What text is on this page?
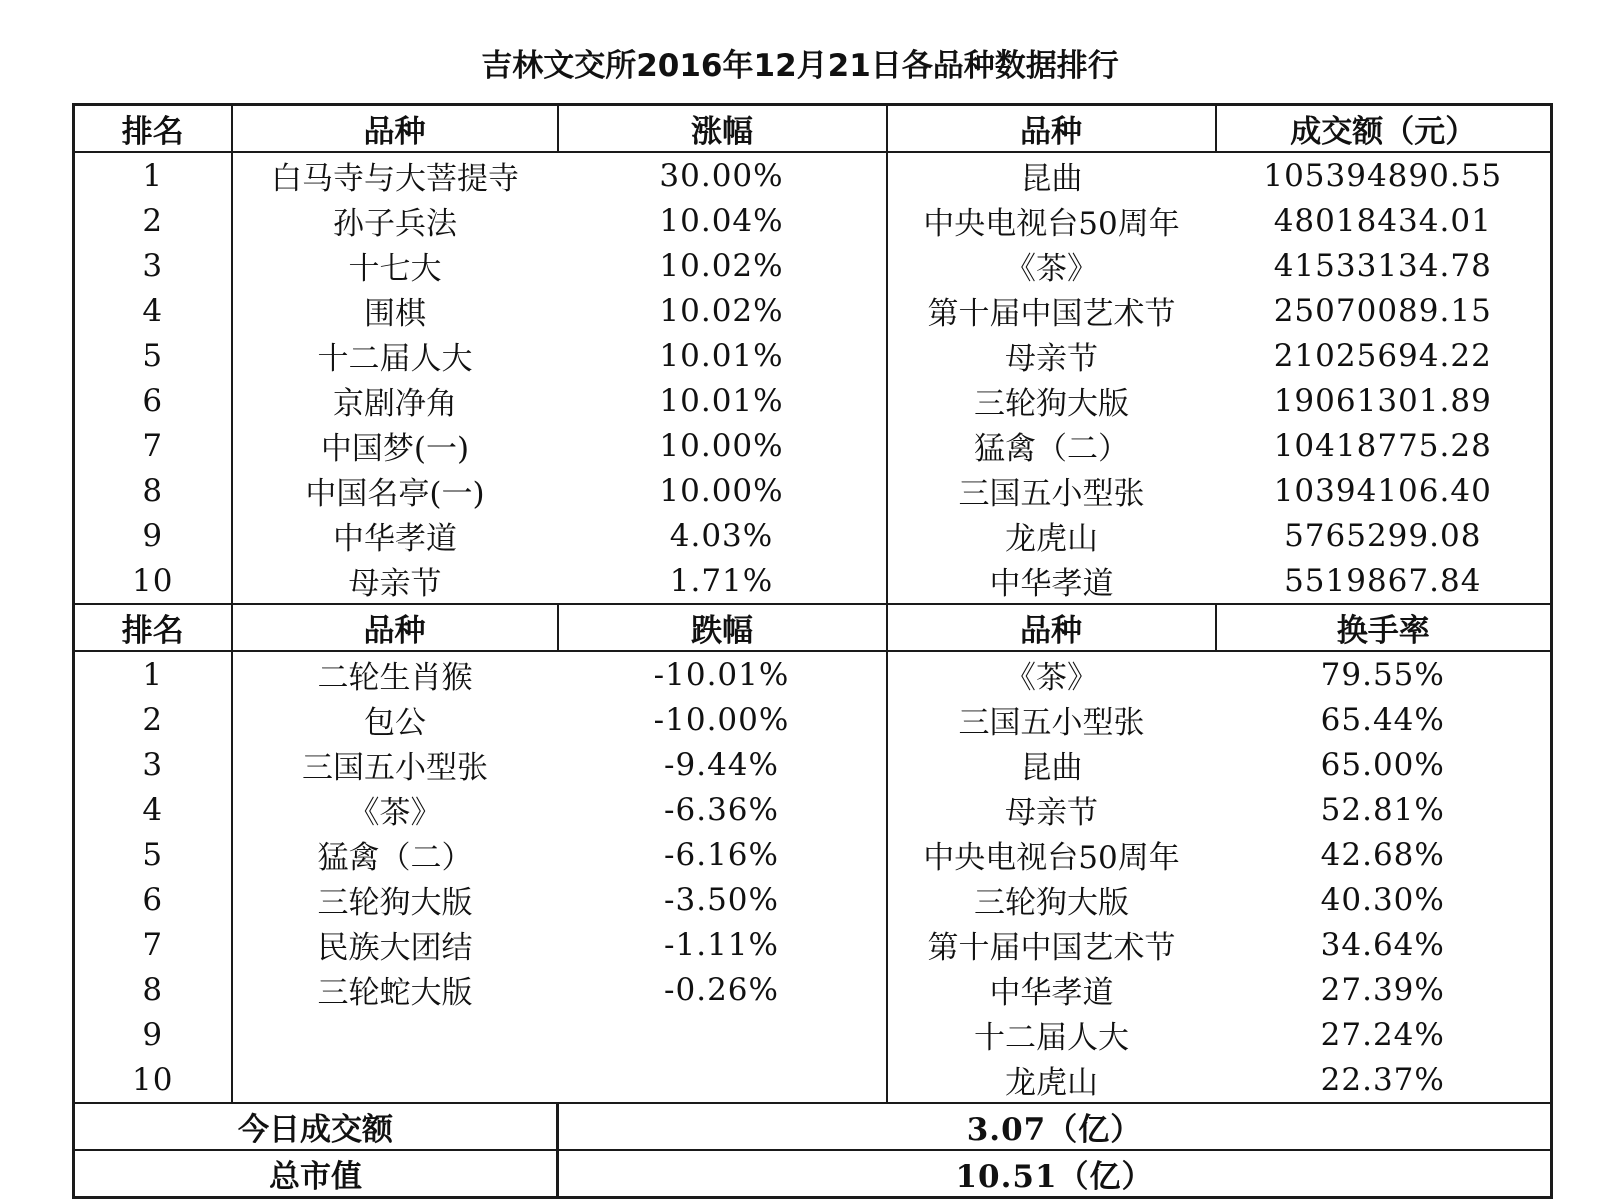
吉林文交所2016年12月21日各品种数据排行
排名	品种	涨幅	品种	成交额（元）
1	白马寺与大菩提寺	30.00%	昆曲	105394890.55
2	孙子兵法	10.04%	中央电视台50周年	48018434.01
3	十七大	10.02%	《茶》	41533134.78
4	围棋	10.02%	第十届中国艺术节	25070089.15
5	十二届人大	10.01%	母亲节	21025694.22
6	京剧净角	10.01%	三轮狗大版	19061301.89
7	中国梦(一)	10.00%	猛禽（二）	10418775.28
8	中国名亭(一)	10.00%	三国五小型张	10394106.40
9	中华孝道	4.03%	龙虎山	5765299.08
10	母亲节	1.71%	中华孝道	5519867.84
排名	品种	跌幅	品种	换手率
1	二轮生肖猴	-10.01%	《茶》	79.55%
2	包公	-10.00%	三国五小型张	65.44%
3	三国五小型张	-9.44%	昆曲	65.00%
4	《茶》	-6.36%	母亲节	52.81%
5	猛禽（二）	-6.16%	中央电视台50周年	42.68%
6	三轮狗大版	-3.50%	三轮狗大版	40.30%
7	民族大团结	-1.11%	第十届中国艺术节	34.64%
8	三轮蛇大版	-0.26%	中华孝道	27.39%
9			十二届人大	27.24%
10			龙虎山	22.37%
今日成交额		3.07（亿）		
总市值		10.51（亿）		
